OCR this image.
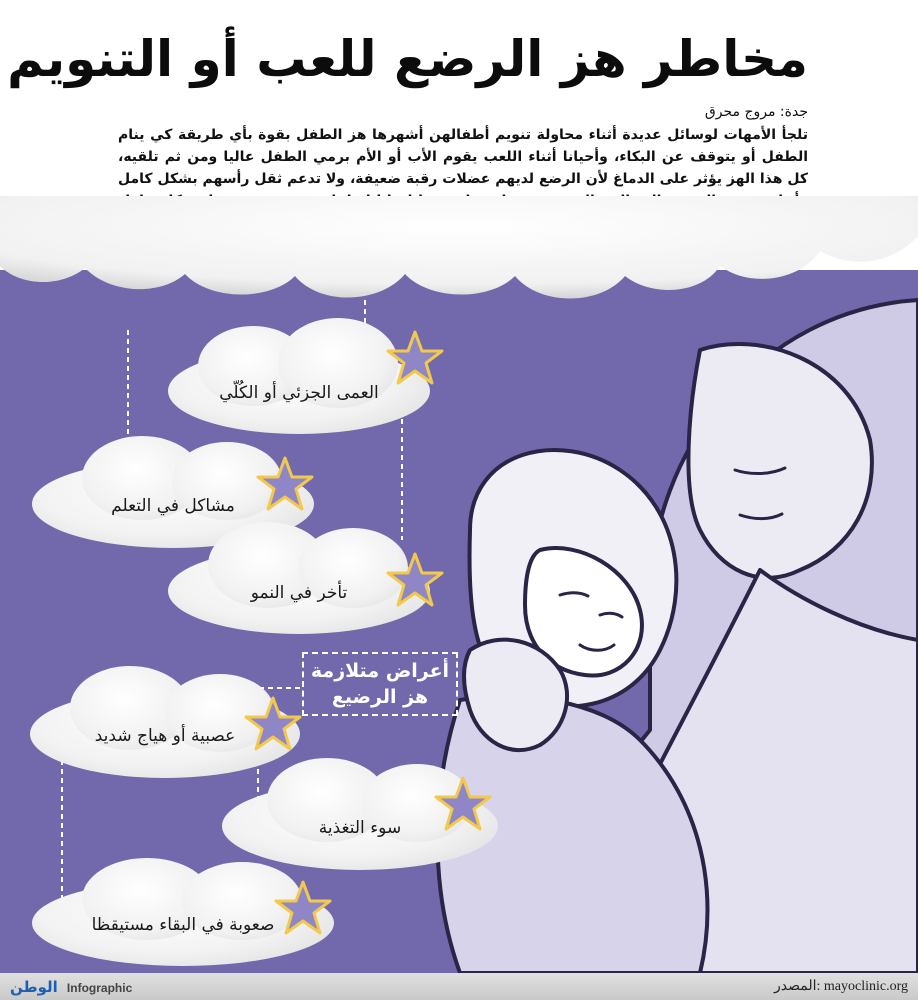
مخاطر هز الرضع للعب أو التنويم

جدة: مروج محرق

تلجأ الأمهات لوسائل عديدة أثناء محاولة تنويم أطفالهن أشهرها هز الطفل بقوة بأي طريقة كي ينام الطفل أو يتوقف عن البكاء، وأحيانا أثناء اللعب يقوم الأب أو الأم برمي الطفل عاليا ومن ثم تلقيه، كل هذا الهز يؤثر على الدماغ لأن الرضع لديهم عضلات رقبة ضعيفة، ولا تدعم ثقل رأسهم بشكل كامل

العمى الجزئي أو الكُلّي
مشاكل في التعلم
تأخر في النمو
عصبية أو هياج شديد
سوء التغذية
صعوبة في البقاء مستيقظا
أعراض متلازمة
هز الرضيع
الوطن Infographic	المصدر: mayoclinic.org
